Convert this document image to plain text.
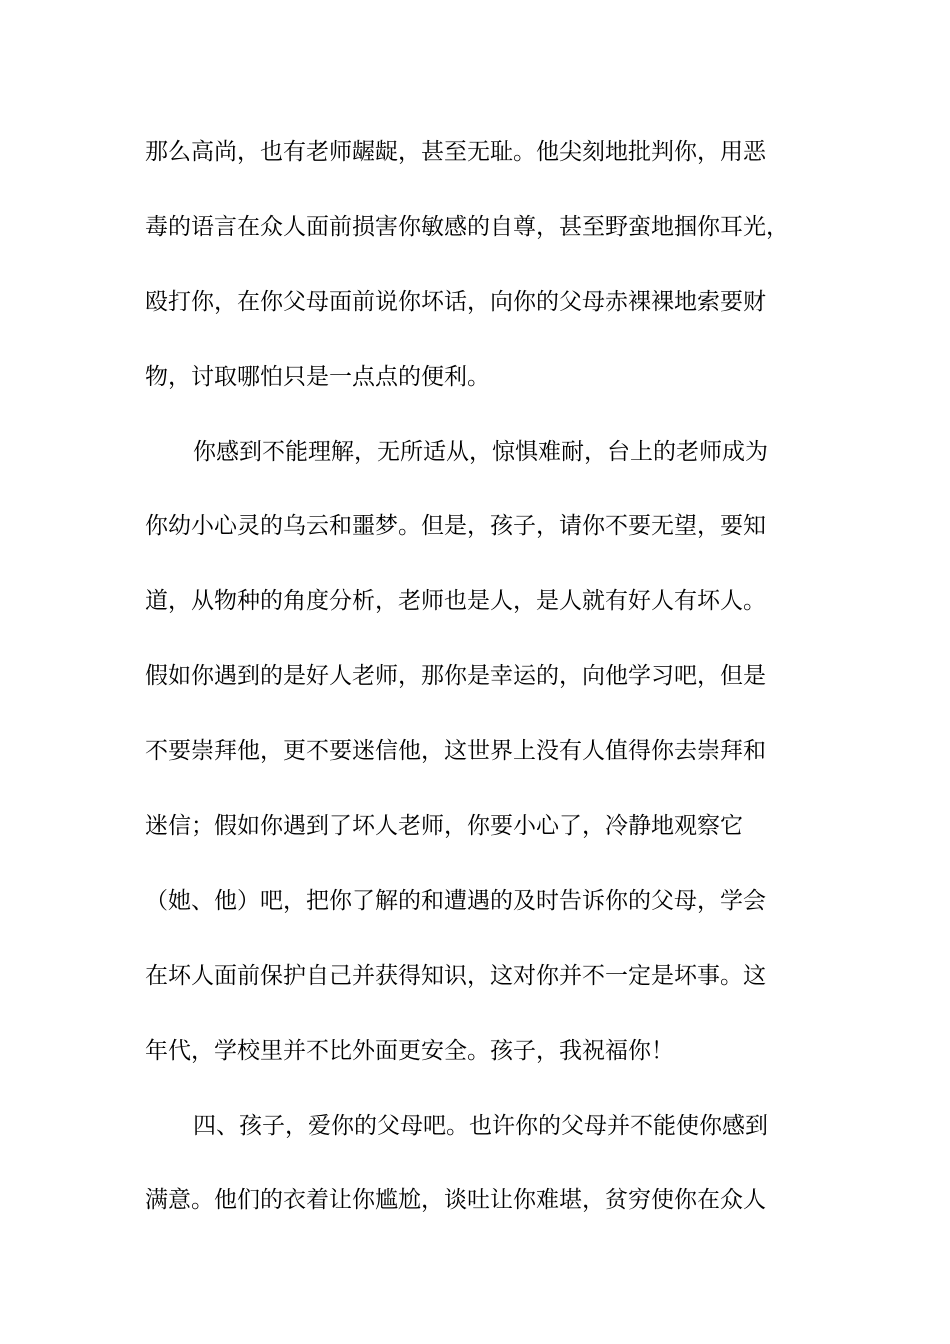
那么高尚，也有老师龌龊，甚至无耻。他尖刻地批判你，用恶
毒的语言在众人面前损害你敏感的自尊，甚至野蛮地掴你耳光，
殴打你，在你父母面前说你坏话，向你的父母赤裸裸地索要财
物，讨取哪怕只是一点点的便利。
你感到不能理解，无所适从，惊惧难耐，台上的老师成为
你幼小心灵的乌云和噩梦。但是，孩子，请你不要无望，要知
道，从物种的角度分析，老师也是人，是人就有好人有坏人。
假如你遇到的是好人老师，那你是幸运的，向他学习吧，但是
不要崇拜他，更不要迷信他，这世界上没有人值得你去崇拜和
迷信；假如你遇到了坏人老师，你要小心了，冷静地观察它
（她、他）吧，把你了解的和遭遇的及时告诉你的父母，学会
在坏人面前保护自己并获得知识，这对你并不一定是坏事。这
年代，学校里并不比外面更安全。孩子，我祝福你！
四、孩子，爱你的父母吧。也许你的父母并不能使你感到
满意。他们的衣着让你尴尬，谈吐让你难堪，贫穷使你在众人
